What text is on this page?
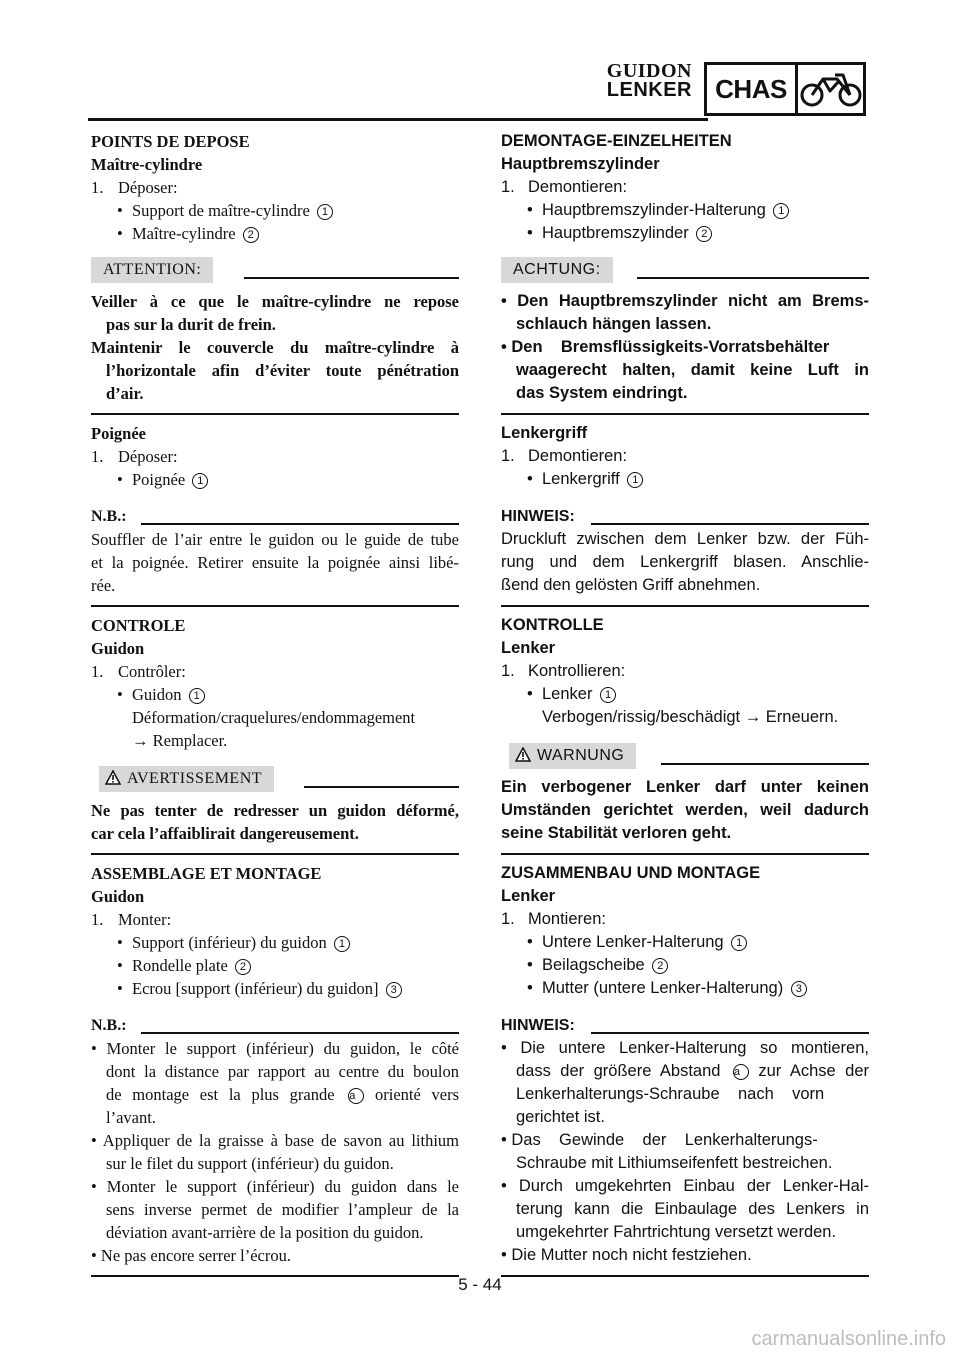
GUIDON
LENKER CHAS
POINTS DE DEPOSE
Maître-cylindre
1. Déposer:
• Support de maître-cylindre 1
• Maître-cylindre 2
ATTENTION:
Veiller à ce que le maître-cylindre ne repose
pas sur la durit de frein.
Maintenir le couvercle du maître-cylindre à
l’horizontale afin d’éviter toute pénétration
d’air.
Poignée
1. Déposer:
• Poignée 1
N.B.:
Souffler de l’air entre le guidon ou le guide de tube
et la poignée. Retirer ensuite la poignée ainsi libé-
rée.
CONTROLE
Guidon
1. Contrôler:
• Guidon 1
Déformation/craquelures/endommagement
→ Remplacer.
AVERTISSEMENT
Ne pas tenter de redresser un guidon déformé,
car cela l’affaiblirait dangereusement.
ASSEMBLAGE ET MONTAGE
Guidon
1. Monter:
• Support (inférieur) du guidon 1
• Rondelle plate 2
• Ecrou [support (inférieur) du guidon] 3
N.B.:
• Monter le support (inférieur) du guidon, le côté
dont la distance par rapport au centre du boulon
de montage est la plus grande a orienté vers
l’avant.
• Appliquer de la graisse à base de savon au lithium
sur le filet du support (inférieur) du guidon.
• Monter le support (inférieur) du guidon dans le
sens inverse permet de modifier l’ampleur de la
déviation avant-arrière de la position du guidon.
• Ne pas encore serrer l’écrou.
DEMONTAGE-EINZELHEITEN
Hauptbremszylinder
1. Demontieren:
• Hauptbremszylinder-Halterung 1
• Hauptbremszylinder 2
ACHTUNG:
• Den Hauptbremszylinder nicht am Brems-
schlauch hängen lassen.
• Den    Bremsflüssigkeits-Vorratsbehälter
waagerecht halten, damit keine Luft in
das System eindringt.
Lenkergriff
1. Demontieren:
• Lenkergriff 1
HINWEIS:
Druckluft zwischen dem Lenker bzw. der Füh-
rung und dem Lenkergriff blasen. Anschlie-
ßend den gelösten Griff abnehmen.
KONTROLLE
Lenker
1. Kontrollieren:
• Lenker 1
Verbogen/rissig/beschädigt → Erneuern.
WARNUNG
Ein verbogener Lenker darf unter keinen
Umständen gerichtet werden, weil dadurch
seine Stabilität verloren geht.
ZUSAMMENBAU UND MONTAGE
Lenker
1. Montieren:
• Untere Lenker-Halterung 1
• Beilagscheibe 2
• Mutter (untere Lenker-Halterung) 3
HINWEIS:
• Die untere Lenker-Halterung so montieren,
dass der größere Abstand a zur Achse der
Lenkerhalterungs-Schraube    nach    vorn
gerichtet ist.
• Das    Gewinde    der    Lenkerhalterungs-
Schraube mit Lithiumseifenfett bestreichen.
• Durch umgekehrten Einbau der Lenker-Hal-
terung kann die Einbaulage des Lenkers in
umgekehrter Fahrtrichtung versetzt werden.
• Die Mutter noch nicht festziehen.
5 - 44
carmanualsonline.info
